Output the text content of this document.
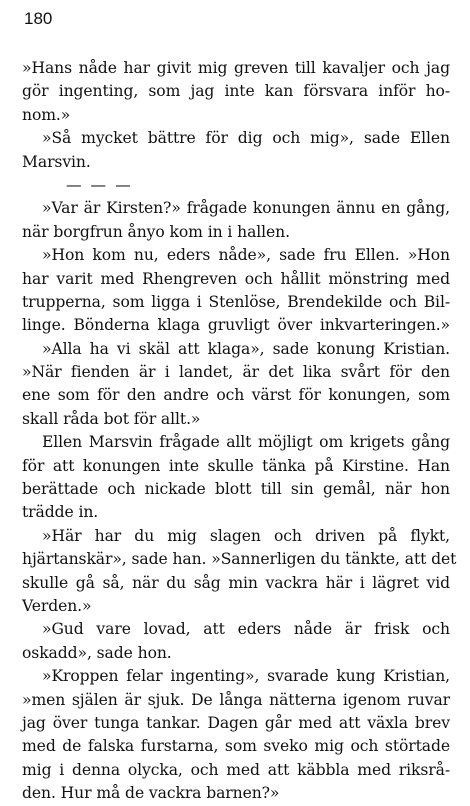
180
»Hans nåde har givit mig greven till kavaljer och jag
gör ingenting, som jag inte kan försvara inför ho-
nom.»
»Så mycket bättre för dig och mig», sade Ellen
Marsvin.
— — —
»Var är Kirsten?» frågade konungen ännu en gång,
när borgfrun ånyo kom in i hallen.
»Hon kom nu, eders nåde», sade fru Ellen. »Hon
har varit med Rhengreven och hållit mönstring med
trupperna, som ligga i Stenlöse, Brendekilde och Bil-
linge. Bönderna klaga gruvligt över inkvarteringen.»
»Alla ha vi skäl att klaga», sade konung Kristian.
»När fienden är i landet, är det lika svårt för den
ene som för den andre och värst för konungen, som
skall råda bot för allt.»
Ellen Marsvin frågade allt möjligt om krigets gång
för att konungen inte skulle tänka på Kirstine. Han
berättade och nickade blott till sin gemål, när hon
trädde in.
»Här har du mig slagen och driven på flykt,
hjärtanskär», sade han. »Sannerligen du tänkte, att det
skulle gå så, när du såg min vackra här i lägret vid
Verden.»
»Gud vare lovad, att eders nåde är frisk och
oskadd», sade hon.
»Kroppen felar ingenting», svarade kung Kristian,
»men själen är sjuk. De långa nätterna igenom ruvar
jag över tunga tankar. Dagen går med att växla brev
med de falska furstarna, som sveko mig och störtade
mig i denna olycka, och med att käbbla med riksrå-
den. Hur må de vackra barnen?»
